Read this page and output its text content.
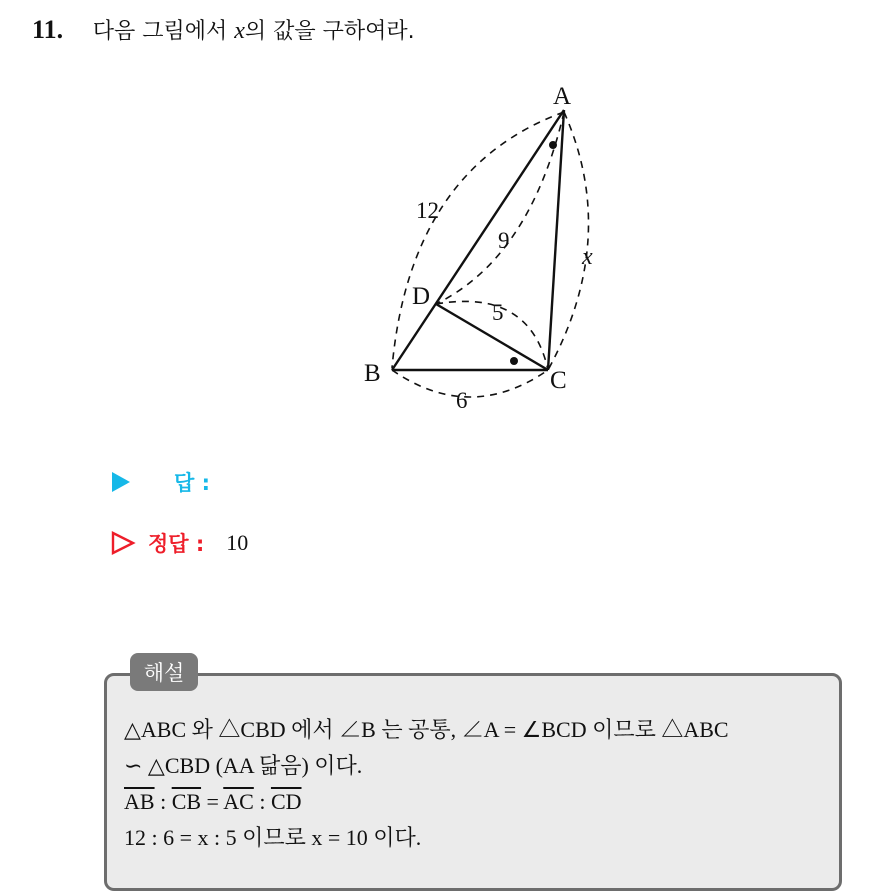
11. 다음 그림에서 x의 값을 구하여라.
A
B	C
D
12
9
5
6
x
답 :
정답 : 10
해설
△ABC 와 △CBD 에서 ∠B 는 공통, ∠A = ∠BCD 이므로 △ABC
∽ △CBD (AA 닮음) 이다.
$\overline{AB}$ : $\overline{CB} = \overline{AC}$ : $\overline{CD}$
12 : 6 = x : 5 이므로 x = 10 이다.
